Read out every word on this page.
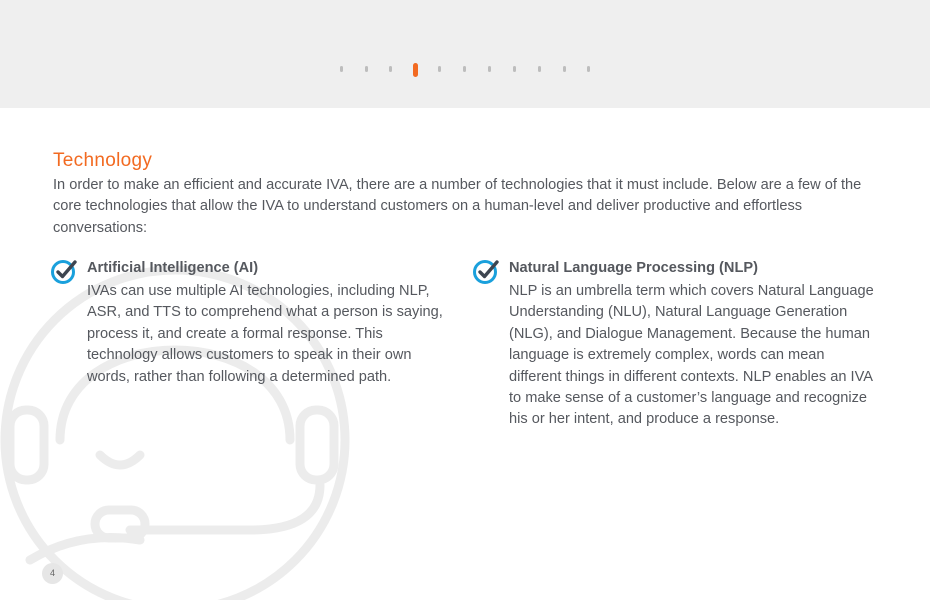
Technology

In order to make an efficient and accurate IVA, there are a number of technologies that it must include. Below are a few of the core technologies that allow the IVA to understand customers on a human-level and deliver productive and effortless conversations:

Artificial Intelligence (AI)

IVAs can use multiple AI technologies, including NLP, ASR, and TTS to comprehend what a person is saying, process it, and create a formal response. This technology allows customers to speak in their own words, rather than following a determined path.

Natural Language Processing (NLP)

NLP is an umbrella term which covers Natural Language Understanding (NLU), Natural Language Generation (NLG), and Dialogue Management. Because the human language is extremely complex, words can mean different things in different contexts. NLP enables an IVA to make sense of a customer’s language and recognize his or her intent, and produce a response.

4
